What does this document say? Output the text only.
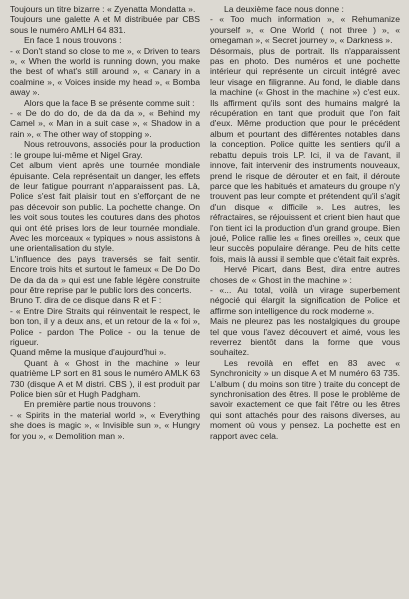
Toujours un titre bizarre : « Zyenatta Mondatta ».

Toujours une galette A et M distribuée par CBS sous le numéro AMLH 64 831.

En face 1 nous trouvons :

- « Don't stand so close to me », « Driven to tears », « When the world is running down, you make the best of what's still around », « Canary in a coalmine », « Voices inside my head », « Bomba away ».

Alors que la face B se présente comme suit :

- « De do do do, de da da da », « Behind my Camel », « Man in a suit case », « Shadow in a rain », « The other way of stopping ».

Nous retrouvons, associés pour la production : le groupe lui-même et Nigel Gray.

Cet album vient après une tournée mondiale épuisante. Cela représentait un danger, les effets de leur fatigue pourrant n'apparaissent pas. Là, Police s'est fait plaisir tout en s'efforçant de ne pas décevoir son public. La pochette change. On les voit sous toutes les coutures dans des photos qui ont été prises lors de leur tournée mondiale. Avec les morceaux « typiques » nous assistons à une orientalisation du style.

L'influence des pays traversés se fait sentir. Encore trois hits et surtout le fameux « De Do Do De da da da » qui est une fable légère construite pour être reprise par le public lors des concerts.

Bruno T. dira de ce disque dans R et F :

- « Entre Dire Straits qui réinventait le respect, le bon ton, il y a deux ans, et un retour de la « foi », Police - pardon The Police - ou la tenue de rigueur.

Quand même la musique d'aujourd'hui ».

Quant à « Ghost in the machine » leur quatrième LP sort en 81 sous le numéro AMLK 63 730 (disque A et M distri. CBS ), il est produit par Police bien sûr et Hugh Padgham.

En première partie nous trouvons :

- « Spirits in the material world », « Everything she does is magic », « Invisible sun », « Hungry for you », « Demolition man ».

La deuxième face nous donne :

- « Too much information », « Rehumanize yourself », « One World ( not three ) », « omegaman », « Secret journey », « Darkness ».

Désormais, plus de portrait. Ils n'apparaissent pas en photo. Des numéros et une pochette intérieur qui représente un circuit intégré avec leur visage en filigranne. Au fond, le diable dans la machine (« Ghost in the machine ») c'est eux. Ils affirment qu'ils sont des humains malgré la récupération en tant que produit que l'on fait d'eux. Même production que pour le précédent album et pourtant des différentes notables dans la conception. Police quitte les sentiers qu'il a rebattu depuis trois LP. Ici, il va de l'avant, il innove, fait intervenir des instruments nouveaux, prend le risque de dérouter et en fait, il déroute parce que les habitués et amateurs du groupe n'y trouvent pas leur compte et prétendent qu'il s'agit d'un disque « difficile ». Les autres, les réfractaires, se réjouissent et crient bien haut que l'on tient ici la production d'un grand groupe. Bien joué, Police rallie les « fines oreilles », ceux que leur succès populaire dérange. Peu de hits cette fois, mais là aussi il semble que c'était fait exprès.

Hervé Picart, dans Best, dira entre autres choses de « Ghost in the machine » :

- «... Au total, voilà un virage superbement négocié qui élargit la signification de Police et affirme son intelligence du rock moderne ».

Mais ne pleurez pas les nostalgiques du groupe tel que vous l'avez découvert et aimé, vous les reverrez bientôt dans la forme que vous souhaitez.

Les revoilà en effet en 83 avec « Synchronicity » un disque A et M numéro 63 735. L'album ( du moins son titre ) traite du concept de synchronisation des êtres. Il pose le problème de savoir exactement ce que fait l'être ou les êtres qui sont attachés pour des raisons diverses, au moment où vous y pensez. La pochette est en rapport avec cela.
